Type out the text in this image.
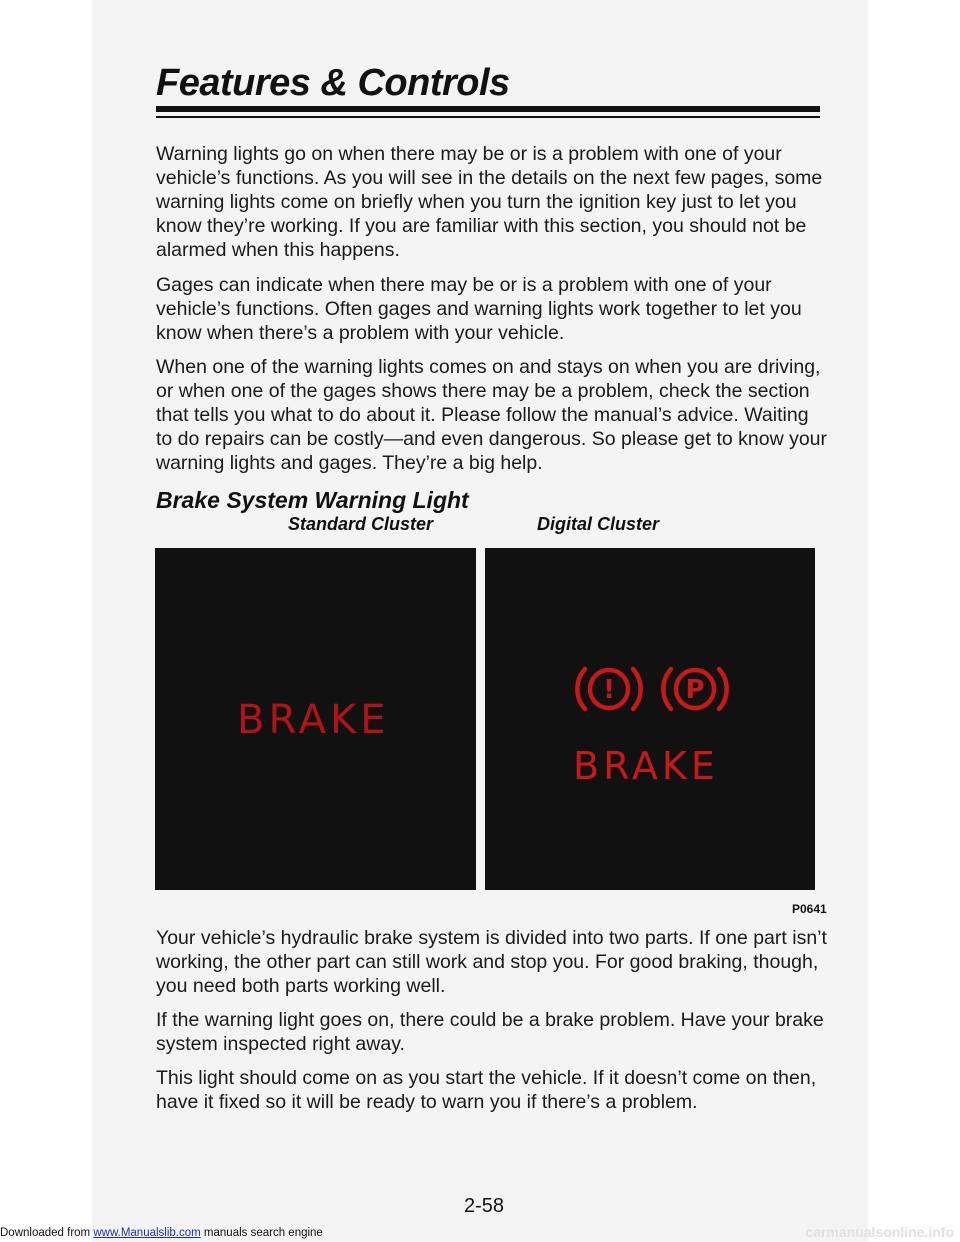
Features & Controls

Warning lights go on when there may be or is a problem with one of your vehicle’s functions. As you will see in the details on the next few pages, some warning lights come on briefly when you turn the ignition key just to let you know they’re working. If you are familiar with this section, you should not be alarmed when this happens.

Gages can indicate when there may be or is a problem with one of your vehicle’s functions. Often gages and warning lights work together to let you know when there’s a problem with your vehicle.

When one of the warning lights comes on and stays on when you are driving, or when one of the gages shows there may be a problem, check the section that tells you what to do about it. Please follow the manual’s advice. Waiting to do repairs can be costly—and even dangerous. So please get to know your warning lights and gages. They’re a big help.

Brake System Warning Light

Standard Cluster	Digital Cluster

BRAKE

!	P

BRAKE

P0641

Your vehicle’s hydraulic brake system is divided into two parts. If one part isn’t working, the other part can still work and stop you. For good braking, though, you need both parts working well.

If the warning light goes on, there could be a brake problem. Have your brake system inspected right away.

This light should come on as you start the vehicle. If it doesn’t come on then, have it fixed so it will be ready to warn you if there’s a problem.

2-58

Downloaded from www.Manualslib.com manuals search engine	carmanualsonline.info
